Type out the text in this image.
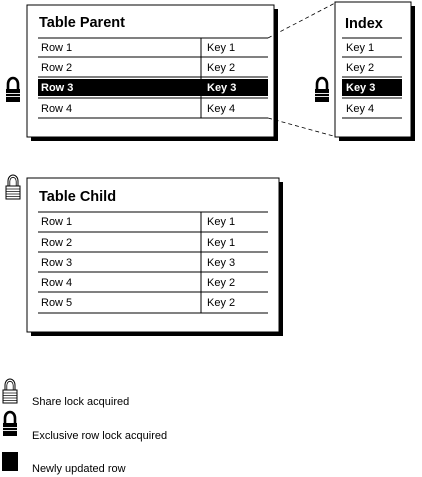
Table Parent
Row 1	Key 1
Row 2	Key 2
Row 3	Key 3
Row 4	Key 4
Index
Key 1
Key 2
Key 3
Key 4
Table Child
Row 1	Key 1
Row 2	Key 1
Row 3	Key 3
Row 4	Key 2
Row 5	Key 2
Share lock acquired
Exclusive row lock acquired
Newly updated row
